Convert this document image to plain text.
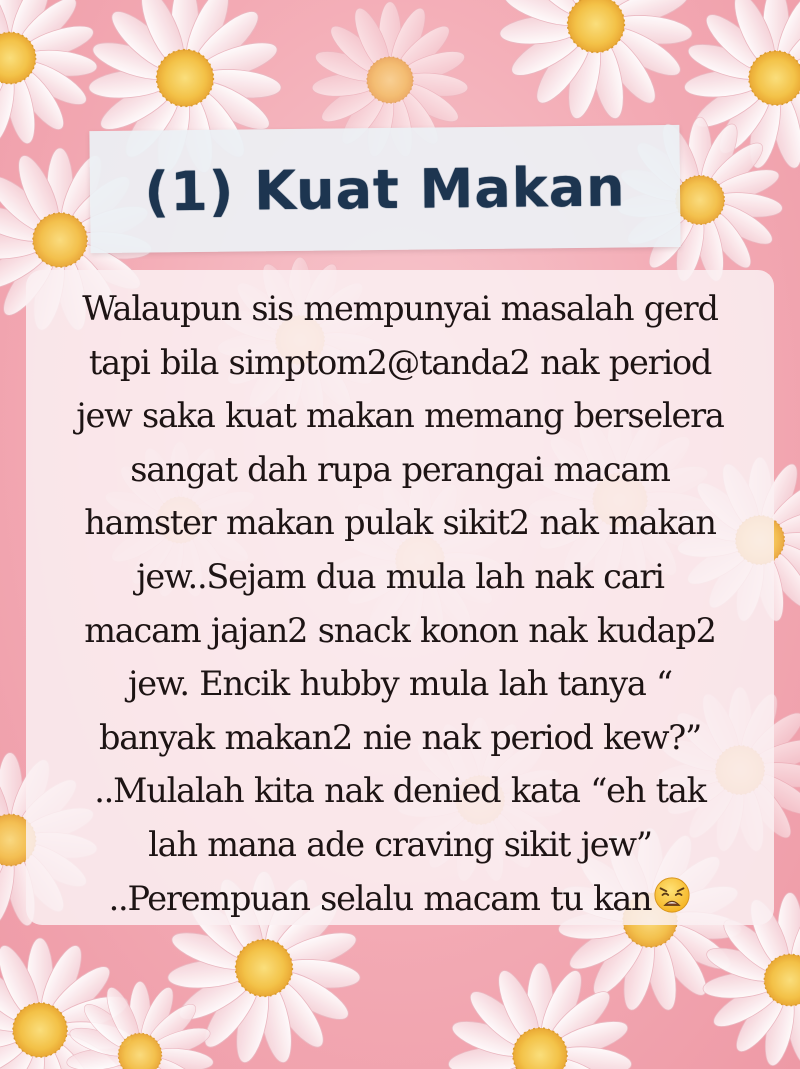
(1) Kuat Makan

Walaupun sis mempunyai masalah gerd
tapi bila simptom2@tanda2 nak period
jew saka kuat makan memang berselera
sangat dah rupa perangai macam
hamster makan pulak sikit2 nak makan
jew..Sejam dua mula lah nak cari
macam jajan2 snack konon nak kudap2
jew. Encik hubby mula lah tanya “
banyak makan2 nie nak period kew?”
..Mulalah kita nak denied kata “eh tak
lah mana ade craving sikit jew”
..Perempuan selalu macam tu kan
